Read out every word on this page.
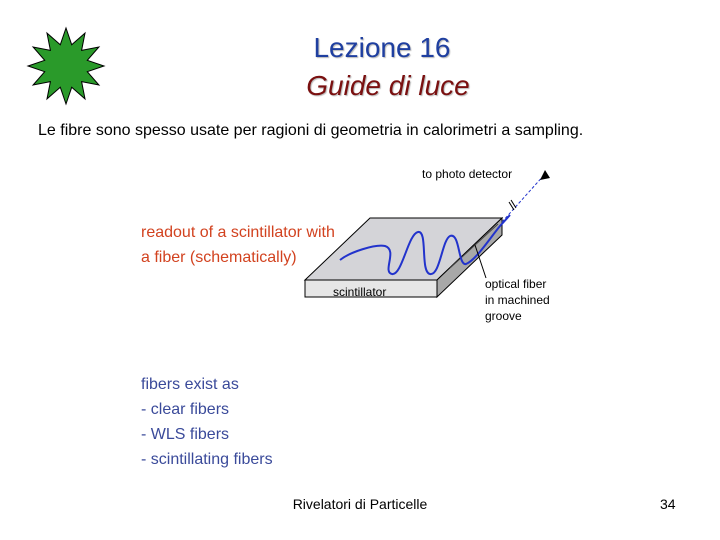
Lezione 16
Guide di luce
Le fibre sono spesso usate per ragioni di geometria in calorimetri a sampling.
readout of a scintillator with
a fiber (schematically)
to photo detector
scintillator
optical fiber
in machined
groove
fibers exist as
- clear fibers
- WLS fibers
- scintillating fibers
Rivelatori di Particelle	34
